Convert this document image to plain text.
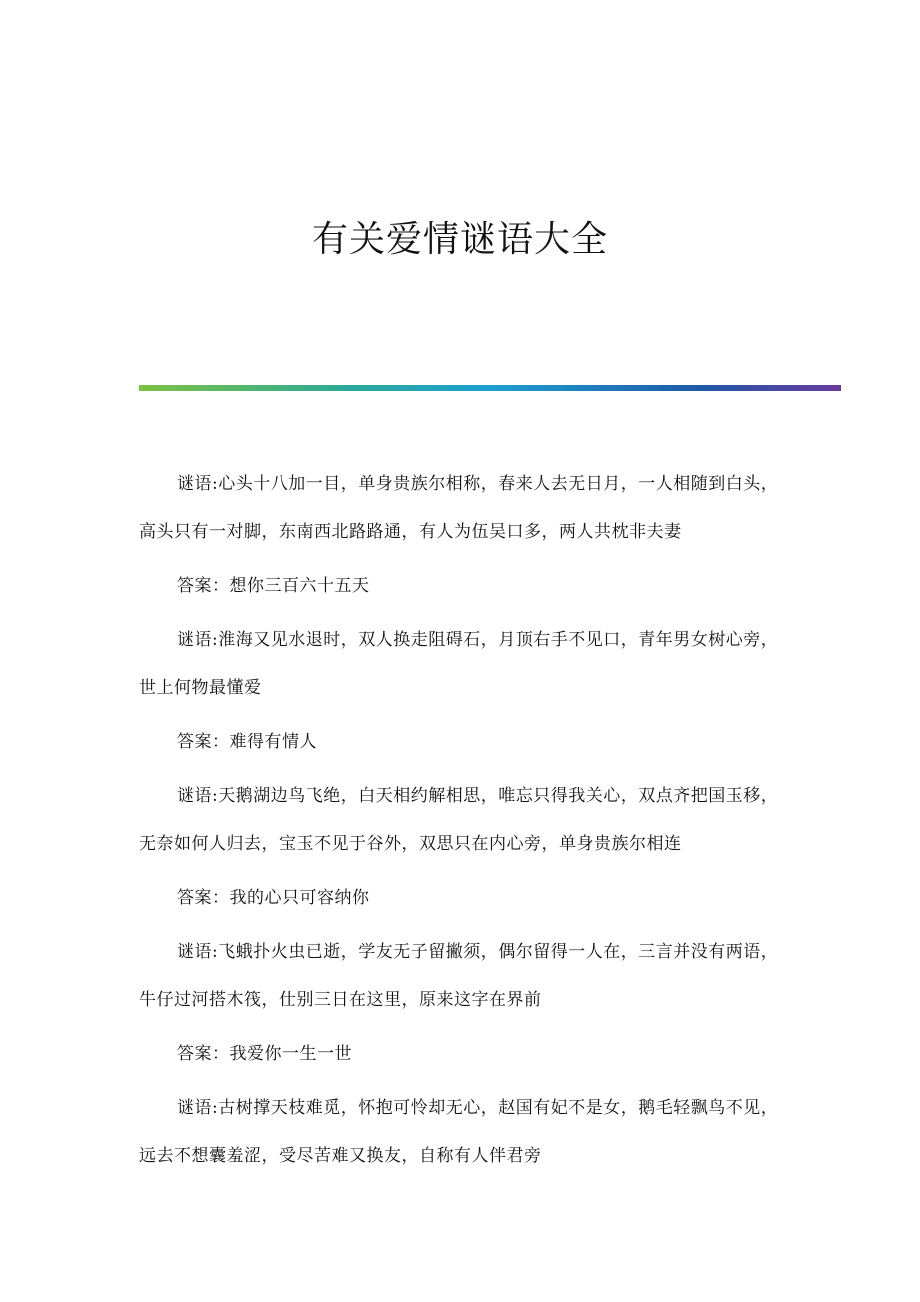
有关爱情谜语大全

谜语:心头十八加一目，单身贵族尔相称，春来人去无日月，一人相随到白头，高头只有一对脚，东南西北路路通，有人为伍吴口多，两人共枕非夫妻

答案：想你三百六十五天

谜语:淮海又见水退时，双人换走阻碍石，月顶右手不见口，青年男女树心旁，世上何物最懂爱

答案：难得有情人

谜语:天鹅湖边鸟飞绝，白天相约解相思，唯忘只得我关心，双点齐把国玉移，无奈如何人归去，宝玉不见于谷外，双思只在内心旁，单身贵族尔相连

答案：我的心只可容纳你

谜语:飞蛾扑火虫已逝，学友无子留撇须，偶尔留得一人在，三言并没有两语，牛仔过河搭木筏，仕别三日在这里，原来这字在界前

答案：我爱你一生一世

谜语:古树撑天枝难觅，怀抱可怜却无心，赵国有妃不是女，鹅毛轻飘鸟不见，远去不想囊羞涩，受尽苦难又换友，自称有人伴君旁
